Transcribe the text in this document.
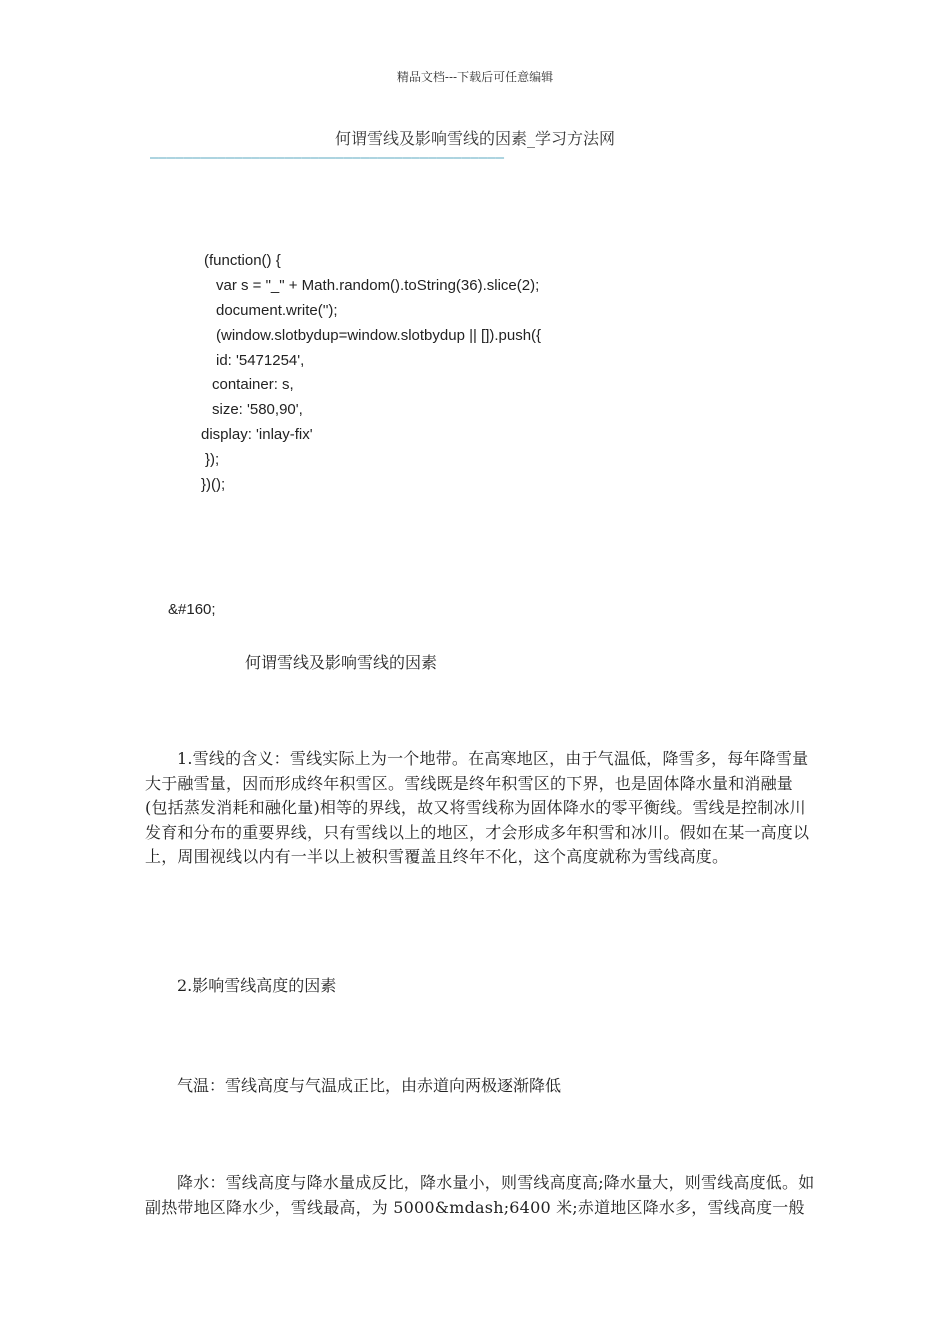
精品文档---下载后可任意编辑
何谓雪线及影响雪线的因素_学习方法网
——————————————————————————————————————————
(function() {
var s = "_" + Math.random().toString(36).slice(2);
document.write('');
(window.slotbydup=window.slotbydup || []).push({
id: '5471254',
container: s,
size: '580,90',
display: 'inlay-fix'
});
})();
&#160;
何谓雪线及影响雪线的因素
1.雪线的含义：雪线实际上为一个地带。在高寒地区，由于气温低，降雪多，每年降雪量大于融雪量，因而形成终年积雪区。雪线既是终年积雪区的下界，也是固体降水量和消融量(包括蒸发消耗和融化量)相等的界线，故又将雪线称为固体降水的零平衡线。雪线是控制冰川发育和分布的重要界线，只有雪线以上的地区，才会形成多年积雪和冰川。假如在某一高度以上，周围视线以内有一半以上被积雪覆盖且终年不化，这个高度就称为雪线高度。
2.影响雪线高度的因素
气温：雪线高度与气温成正比，由赤道向两极逐渐降低
降水：雪线高度与降水量成反比，降水量小，则雪线高度高;降水量大，则雪线高度低。如副热带地区降水少，雪线最高，为 5000&mdash;6400 米;赤道地区降水多，雪线高度一般
